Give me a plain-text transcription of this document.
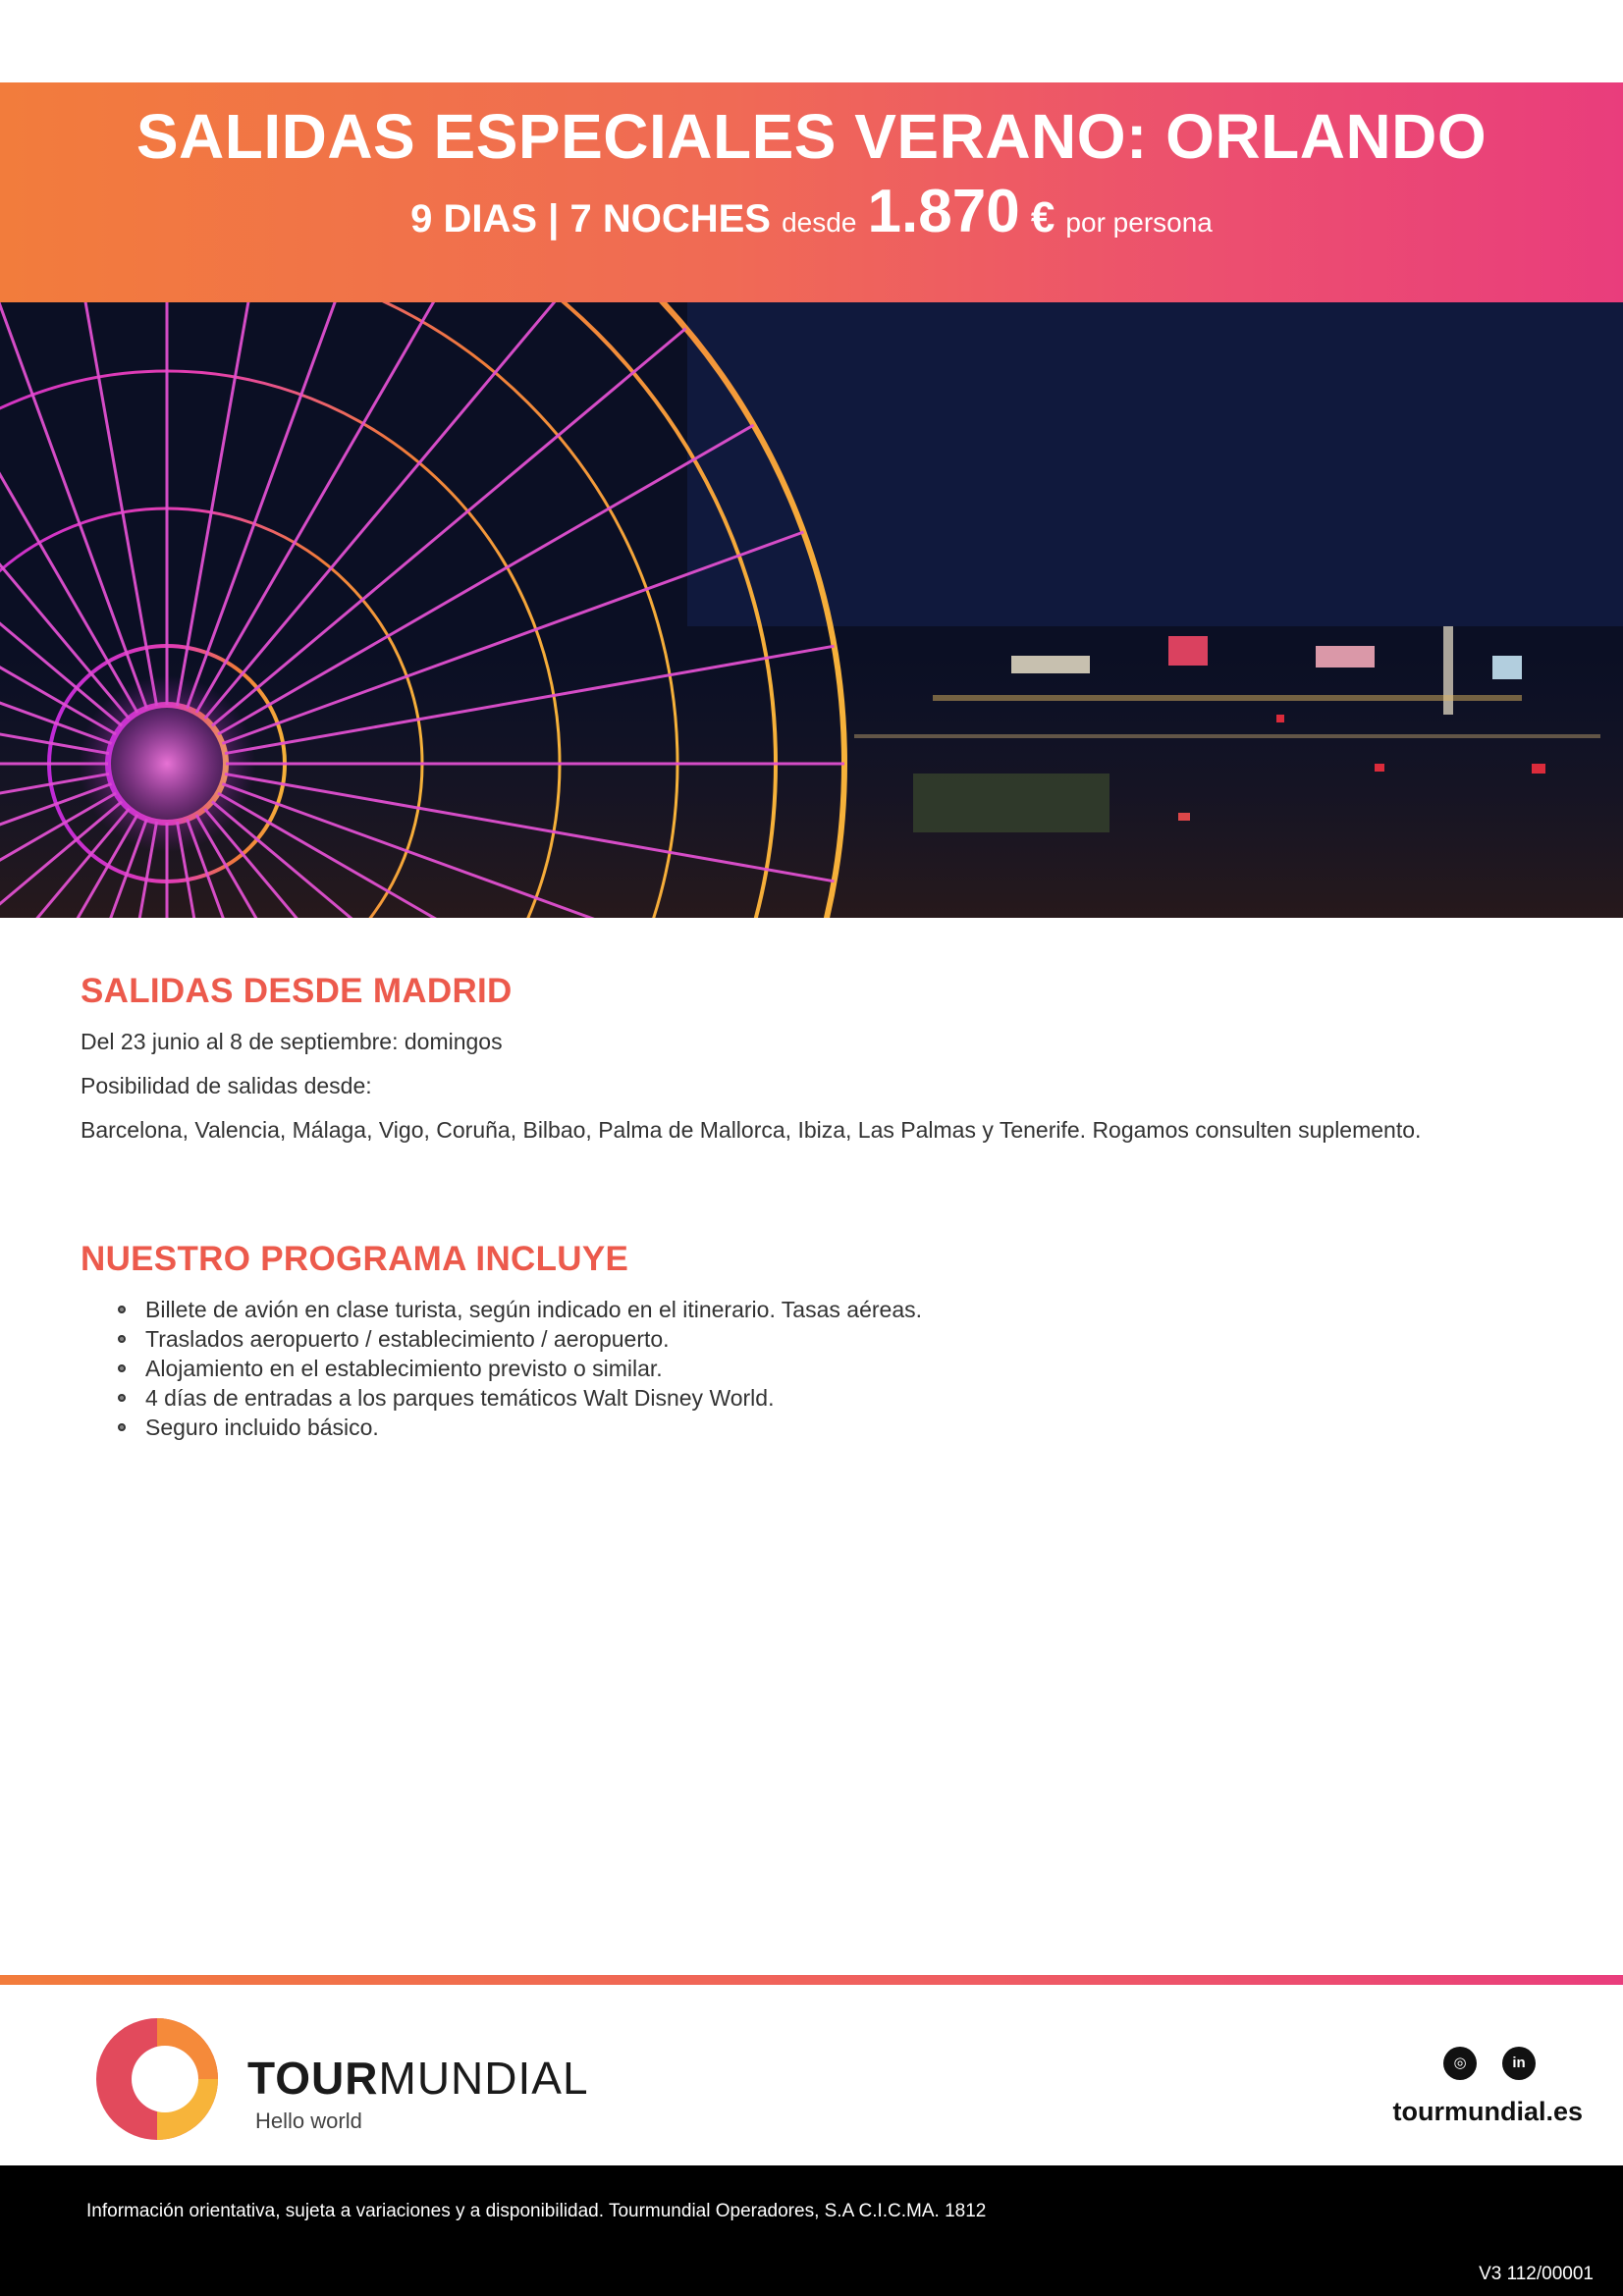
SALIDAS ESPECIALES VERANO: ORLANDO
9 DIAS | 7 NOCHES desde 1.870 € por persona
SALIDAS DESDE MADRID

Del 23 junio al 8 de septiembre: domingos

Posibilidad de salidas desde:

Barcelona, Valencia, Málaga, Vigo, Coruña, Bilbao, Palma de Mallorca, Ibiza, Las Palmas y Tenerife. Rogamos consulten suplemento.

NUESTRO PROGRAMA INCLUYE
Billete de avión en clase turista, según indicado en el itinerario. Tasas aéreas.
Traslados aeropuerto / establecimiento / aeropuerto.
Alojamiento en el establecimiento previsto o similar.
4 días de entradas a los parques temáticos Walt Disney World.
Seguro incluido básico.
TOURMUNDIAL
Hello world
◎	in
tourmundial.es
Información orientativa, sujeta a variaciones y a disponibilidad. Tourmundial Operadores, S.A C.I.C.MA. 1812
V3 112/00001
